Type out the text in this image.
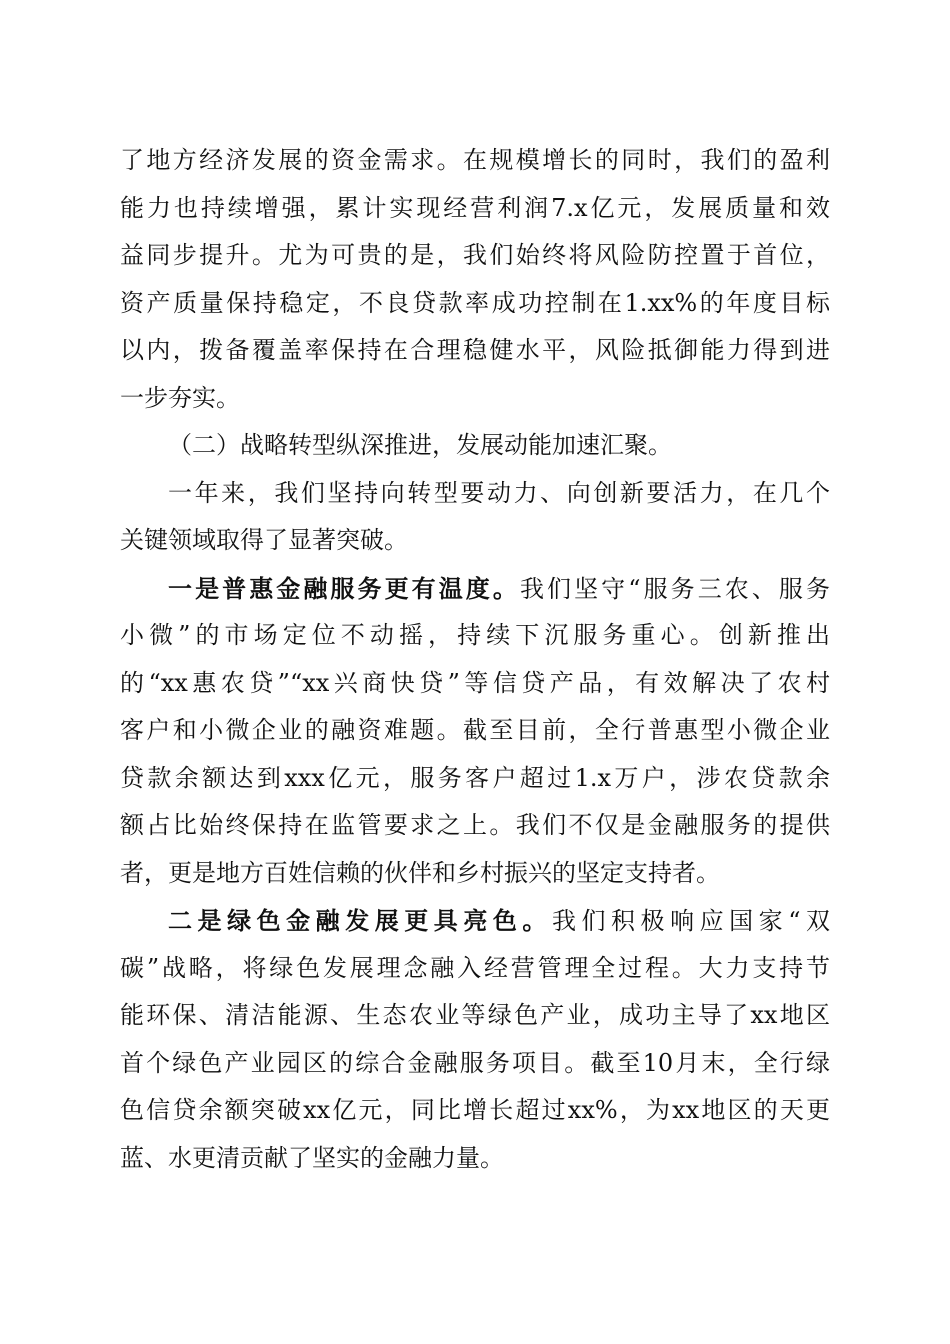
了地方经济发展的资金需求。在规模增长的同时，我们的盈利
能力也持续增强，累计实现经营利润7.x亿元，发展质量和效
益同步提升。尤为可贵的是，我们始终将风险防控置于首位，
资产质量保持稳定，不良贷款率成功控制在1.xx%的年度目标
以内，拨备覆盖率保持在合理稳健水平，风险抵御能力得到进
一步夯实。
（二）战略转型纵深推进，发展动能加速汇聚。
一年来，我们坚持向转型要动力、向创新要活力，在几个
关键领域取得了显著突破。
一是普惠金融服务更有温度。我们坚守“服务三农、服务
小微”的市场定位不动摇，持续下沉服务重心。创新推出
的“xx惠农贷”“xx兴商快贷”等信贷产品，有效解决了农村
客户和小微企业的融资难题。截至目前，全行普惠型小微企业
贷款余额达到xxx亿元，服务客户超过1.x万户，涉农贷款余
额占比始终保持在监管要求之上。我们不仅是金融服务的提供
者，更是地方百姓信赖的伙伴和乡村振兴的坚定支持者。
二是绿色金融发展更具亮色。我们积极响应国家“双
碳”战略，将绿色发展理念融入经营管理全过程。大力支持节
能环保、清洁能源、生态农业等绿色产业，成功主导了xx地区
首个绿色产业园区的综合金融服务项目。截至10月末，全行绿
色信贷余额突破xx亿元，同比增长超过xx%，为xx地区的天更
蓝、水更清贡献了坚实的金融力量。
